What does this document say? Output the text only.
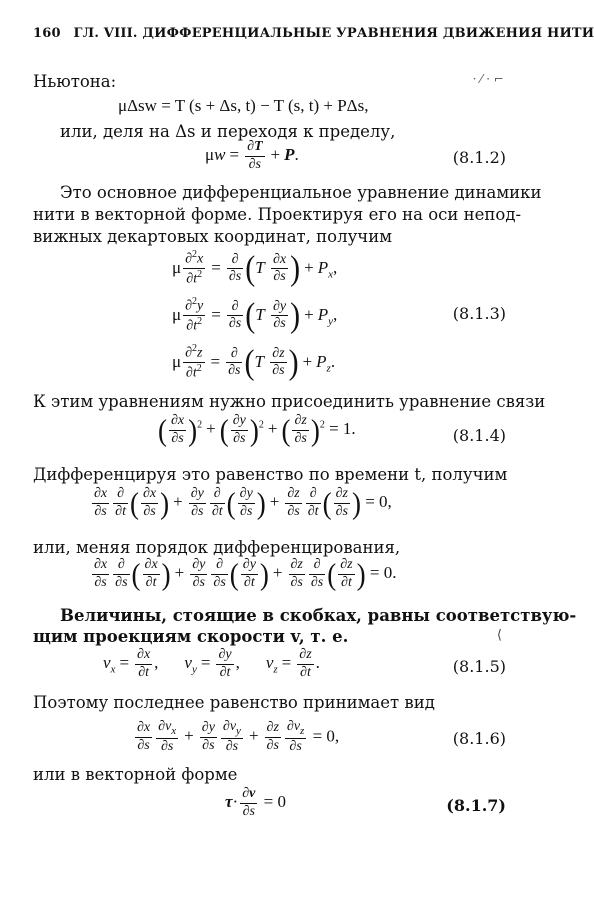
160 ГЛ. VIII. ДИФФЕРЕНЦИАЛЬНЫЕ УРАВНЕНИЯ ДВИЖЕНИЯ НИТИ
· ⁄ ⋅ ⌐
Ньютона:
μΔsw = T (s + Δs, t) − T (s, t) + PΔs,
или, деля на Δs и переходя к пределу,
$\mu w = \frac{\partial T}{\partial s} + P$.	(8.1.2)
Это основное дифференциальное уравнение динамики
нити в векторной форме. Проектируя его на оси непод-
вижных декартовых координат, получим
μ $\frac{\partial^2x}{\partial t^2} = \frac{\partial}{\partial s} (T \frac{\partial x}{\partial s}$ ) + $P_x$,
μ $\frac{\partial^2y}{\partial t^2} = \frac{\partial}{\partial s} (T \frac{\partial y}{\partial s}$ ) + $P_y$,	(8.1.3)
μ $\frac{\partial^2z}{\partial t^2} = \frac{\partial}{\partial s} (T \frac{\partial z}{\partial s}$ ) + $P_z$.
К этим уравнениям нужно присоединить уравнение связи
( $\frac{\partial x}{\partial s} )^2$ + ( $\frac{\partial y}{\partial s} )^2$ + ( $\frac{\partial z}{\partial s} )^2 = 1$.	(8.1.4)
Дифференцируя это равенство по времени t, получим
$\frac{\partial x}{\partial s} \frac{\partial}{\partial t}$ ( $\frac{\partial x}{\partial s}$ ) + $\frac{\partial y}{\partial s} \frac{\partial}{\partial t}$ ( $\frac{\partial y}{\partial s}$ ) + $\frac{\partial z}{\partial s} \frac{\partial}{\partial t}$ ( $\frac{\partial z}{\partial s}$ ) = 0,
или, меняя порядок дифференцирования,
$\frac{\partial x}{\partial s} \frac{\partial}{\partial s}$ ( $\frac{\partial x}{\partial t}$ ) + $\frac{\partial y}{\partial s} \frac{\partial}{\partial s}$ ( $\frac{\partial y}{\partial t}$ ) + $\frac{\partial z}{\partial s} \frac{\partial}{\partial s}$ ( $\frac{\partial z}{\partial t}$ ) = 0.
Величины, стоящие в скобках, равны соответствую-
щим проекциям скорости v, т. е.	⟨
$v_x = \frac{\partial x}{\partial t}$ , $v_y = \frac{\partial y}{\partial t}$ , $v_z = \frac{\partial z}{\partial t}$ .	(8.1.5)
Поэтому последнее равенство принимает вид
$\frac{\partial x}{\partial s} \frac{\partial v_x}{\partial s} + \frac{\partial y}{\partial s} \frac{\partial v_y}{\partial s} + \frac{\partial z}{\partial s} \frac{\partial v_z}{\partial s} = 0$,	(8.1.6)
или в векторной форме
$\tau\cdot \frac{\partial v}{\partial s} = 0$	(8.1.7)
